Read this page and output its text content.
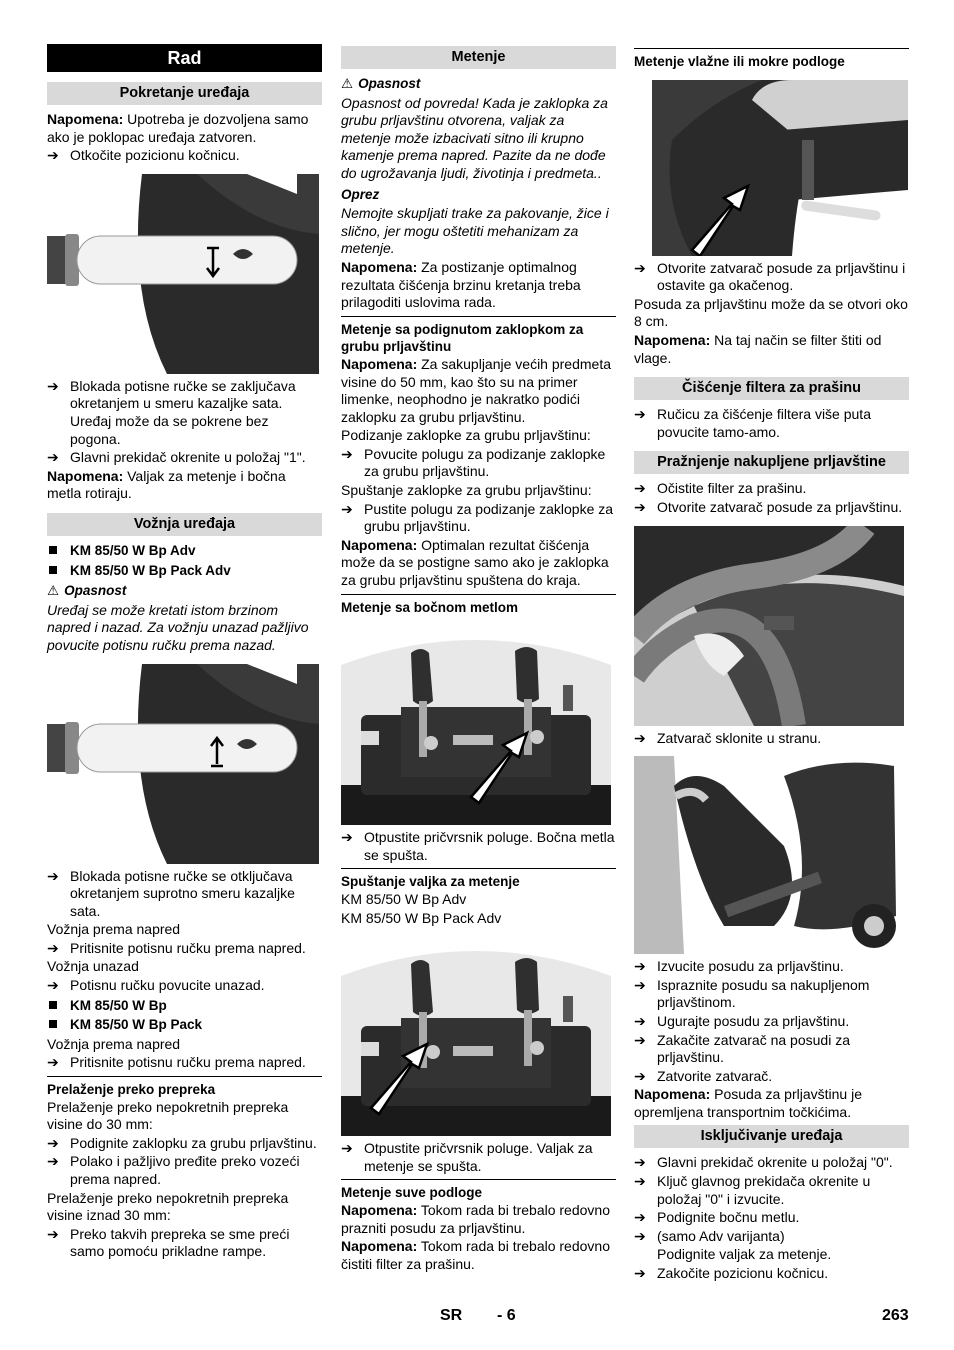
Rad
Pokretanje uređaja

Napomena: Upotreba je dozvoljena samo ako je poklopac uređaja zatvoren.

➔ Otkočite pozicionu kočnicu.
➔ Blokada potisne ručke se zaključava okretanjem u smeru kazaljke sata. Uređaj može da se pokrene bez pogona.
➔ Glavni prekidač okrenite u položaj "1".

Napomena: Valjak za metenje i bočna metla rotiraju.

Vožnja uređaja
KM 85/50 W Bp Adv
KM 85/50 W Bp Pack Adv
⚠ Opasnost

Uređaj se može kretati istom brzinom napred i nazad. Za vožnju unazad pažljivo povucite potisnu ručku prema nazad.

➔ Blokada potisne ručke se otključava okretanjem suprotno smeru kazaljke sata.

Vožnja prema napred

➔ Pritisnite potisnu ručku prema napred.

Vožnja unazad

➔ Potisnu ručku povucite unazad.
KM 85/50 W Bp
KM 85/50 W Bp Pack

Vožnja prema napred

➔ Pritisnite potisnu ručku prema napred.
Prelaženje preko prepreka

Prelaženje preko nepokretnih prepreka visine do 30 mm:

➔ Podignite zaklopku za grubu prljavštinu.
➔ Polako i pažljivo pređite preko vozeći prema napred.

Prelaženje preko nepokretnih prepreka visine iznad 30 mm:

➔ Preko takvih prepreka se sme preći samo pomoću prikladne rampe.
Metenje
⚠ Opasnost

Opasnost od povreda! Kada je zaklopka za grubu prljavštinu otvorena, valjak za metenje može izbacivati sitno ili krupno kamenje prema napred. Pazite da ne dođe do ugrožavanja ljudi, životinja i predmeta..

Oprez

Nemojte skupljati trake za pakovanje, žice i slično, jer mogu oštetiti mehanizam za metenje.

Napomena: Za postizanje optimalnog rezultata čišćenja brzinu kretanja treba prilagoditi uslovima rada.

Metenje sa podignutom zaklopkom za grubu prljavštinu

Napomena: Za sakupljanje većih predmeta visine do 50 mm, kao što su na primer limenke, neophodno je nakratko podići zaklopku za grubu prljavštinu.

Podizanje zaklopke za grubu prljavštinu:

➔ Povucite polugu za podizanje zaklopke za grubu prljavštinu.

Spuštanje zaklopke za grubu prljavštinu:

➔ Pustite polugu za podizanje zaklopke za grubu prljavštinu.

Napomena: Optimalan rezultat čišćenja može da se postigne samo ako je zaklopka za grubu prljavštinu spuštena do kraja.

Metenje sa bočnom metlom
➔ Otpustite pričvrsnik poluge. Bočna metla se spušta.
Spuštanje valjka za metenje

KM 85/50 W Bp Adv

KM 85/50 W Bp Pack Adv

➔ Otpustite pričvrsnik poluge. Valjak za metenje se spušta.
Metenje suve podloge

Napomena: Tokom rada bi trebalo redovno prazniti posudu za prljavštinu.

Napomena: Tokom rada bi trebalo redovno čistiti filter za prašinu.

Metenje vlažne ili mokre podloge
➔ Otvorite zatvarač posude za prljavštinu i ostavite ga okačenog.

Posuda za prljavštinu može da se otvori oko 8 cm.

Napomena: Na taj način se filter štiti od vlage.

Čišćenje filtera za prašinu
➔ Ručicu za čišćenje filtera više puta povucite tamo-amo.
Pražnjenje nakupljene prljavštine
➔ Očistite filter za prašinu.
➔ Otvorite zatvarač posude za prljavštinu.
➔ Zatvarač sklonite u stranu.
➔ Izvucite posudu za prljavštinu.
➔ Ispraznite posudu sa nakupljenom prljavštinom.
➔ Ugurajte posudu za prljavštinu.
➔ Zakačite zatvarač na posudi za prljavštinu.
➔ Zatvorite zatvarač.

Napomena: Posuda za prljavštinu je opremljena transportnim točkićima.

Isključivanje uređaja
➔ Glavni prekidač okrenite u položaj "0".
➔ Ključ glavnog prekidača okrenite u položaj "0" i izvucite.
➔ Podignite bočnu metlu.
➔ (samo Adv varijanta)

Podignite valjak za metenje.

➔ Zakočite pozicionu kočnicu.
SR - 6	263
